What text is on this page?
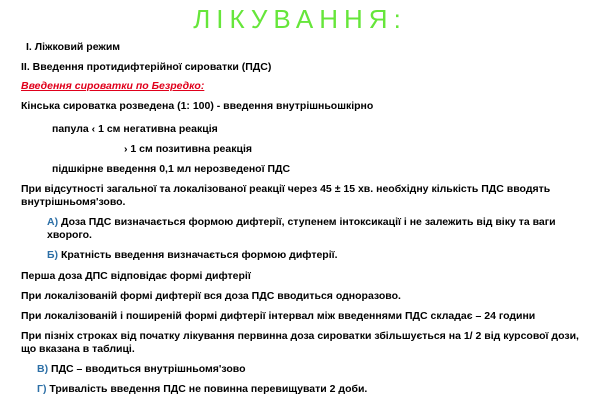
ЛІКУВАННЯ:
І. Ліжковий режим
ІІ. Введення протидифтерійної сироватки (ПДС)
Введення сироватки по Безредко:
Кінська сироватка розведена (1: 100) - введення внутрішньошкірно
папула ‹ 1 см негативна реакція
› 1 см позитивна реакція
підшкірне введення 0,1 мл нерозведеної ПДС
При відсутності загальної та локалізованої реакції через 45 ± 15 хв. необхідну кількість ПДС вводять внутрішньомя'зово.
А) Доза ПДС визначається формою дифтерії, ступенем інтоксикації і не залежить від віку та ваги хворого.
Б) Кратність введення визначається формою дифтерії.
Перша доза ДПС відповідає формі дифтерії
При локалізованій формі дифтерії вся доза ПДС вводиться одноразово.
При локалізованій і поширеній формі дифтерії інтервал між введеннями ПДС складає – 24 години
При пізніх строках від початку лікування первинна доза сироватки збільшується на 1/ 2 від курсової дози, що вказана в таблиці.
В) ПДС – вводиться внутрішньомя'зово
Г) Тривалість введення ПДС не повинна перевищувати 2 доби.
